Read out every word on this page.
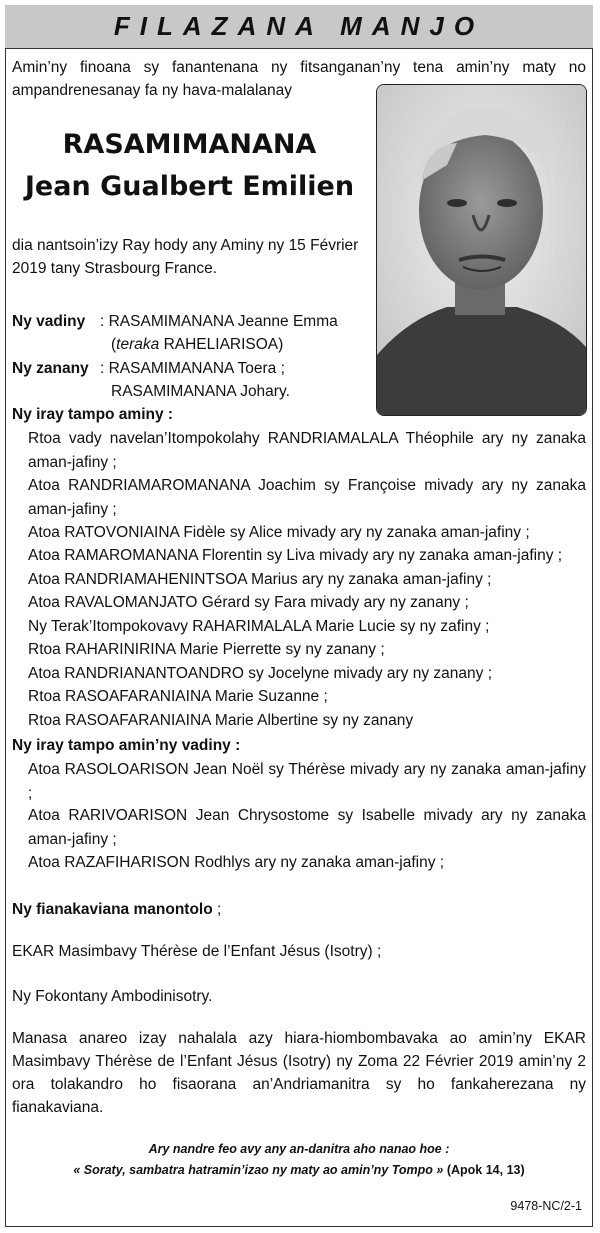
FILAZANA MANJO

Amin’ny finoana sy fanantenana ny fitsanganan’ny tena amin’ny maty no ampandrenesanay fa ny hava-malalanay

RASAMIMANANA
Jean Gualbert Emilien

dia nantsoin’izy Ray hody any Aminy ny 15 Février 2019 tany Strasbourg France.

Ny vadiny : RASAMIMANANA Jeanne Emma
(teraka RAHELIARISOA)
Ny zanany : RASAMIMANANA Toera ;
RASAMIMANANA Johary.
Ny iray tampo aminy :

Rtoa vady navelan’Itompokolahy RANDRIAMALALA Théophile ary ny zanaka aman-jafiny ;

Atoa RANDRIAMAROMANANA Joachim sy Françoise mivady ary ny zanaka aman-jafiny ;

Atoa RATOVONIAINA Fidèle sy Alice mivady ary ny zanaka aman-jafiny ;

Atoa RAMAROMANANA Florentin sy Liva mivady ary ny zanaka aman-jafiny ;

Atoa RANDRIAMAHENINTSOA Marius ary ny zanaka aman-jafiny ;

Atoa RAVALOMANJATO Gérard sy Fara mivady ary ny zanany ;

Ny Terak’Itompokovavy RAHARIMALALA Marie Lucie sy ny zafiny ;

Rtoa RAHARINIRINA Marie Pierrette sy ny zanany ;

Atoa RANDRIANANTOANDRO sy Jocelyne mivady ary ny zanany ;

Rtoa RASOAFARANIAINA Marie Suzanne ;

Rtoa RASOAFARANIAINA Marie Albertine sy ny zanany

Ny iray tampo amin’ny vadiny :

Atoa RASOLOARISON Jean Noël sy Thérèse mivady ary ny zanaka aman-jafiny ;

Atoa RARIVOARISON Jean Chrysostome sy Isabelle mivady ary ny zanaka aman-jafiny ;

Atoa RAZAFIHARISON Rodhlys ary ny zanaka aman-jafiny ;

Ny fianakaviana manontolo ;

EKAR Masimbavy Thérèse de l’Enfant Jésus (Isotry) ;

Ny Fokontany Ambodinisotry.

Manasa anareo izay nahalala azy hiara-hiombombavaka ao amin’ny EKAR Masimbavy Thérèse de l’Enfant Jésus (Isotry) ny Zoma 22 Février 2019 amin’ny 2 ora tolakandro ho fisaorana an’Andriamanitra sy ho fankaherezana ny fianakaviana.

Ary nandre feo avy any an-danitra aho nanao hoe :
« Soraty, sambatra hatramin’izao ny maty ao amin’ny Tompo » (Apok 14, 13)
9478-NC/2-1
